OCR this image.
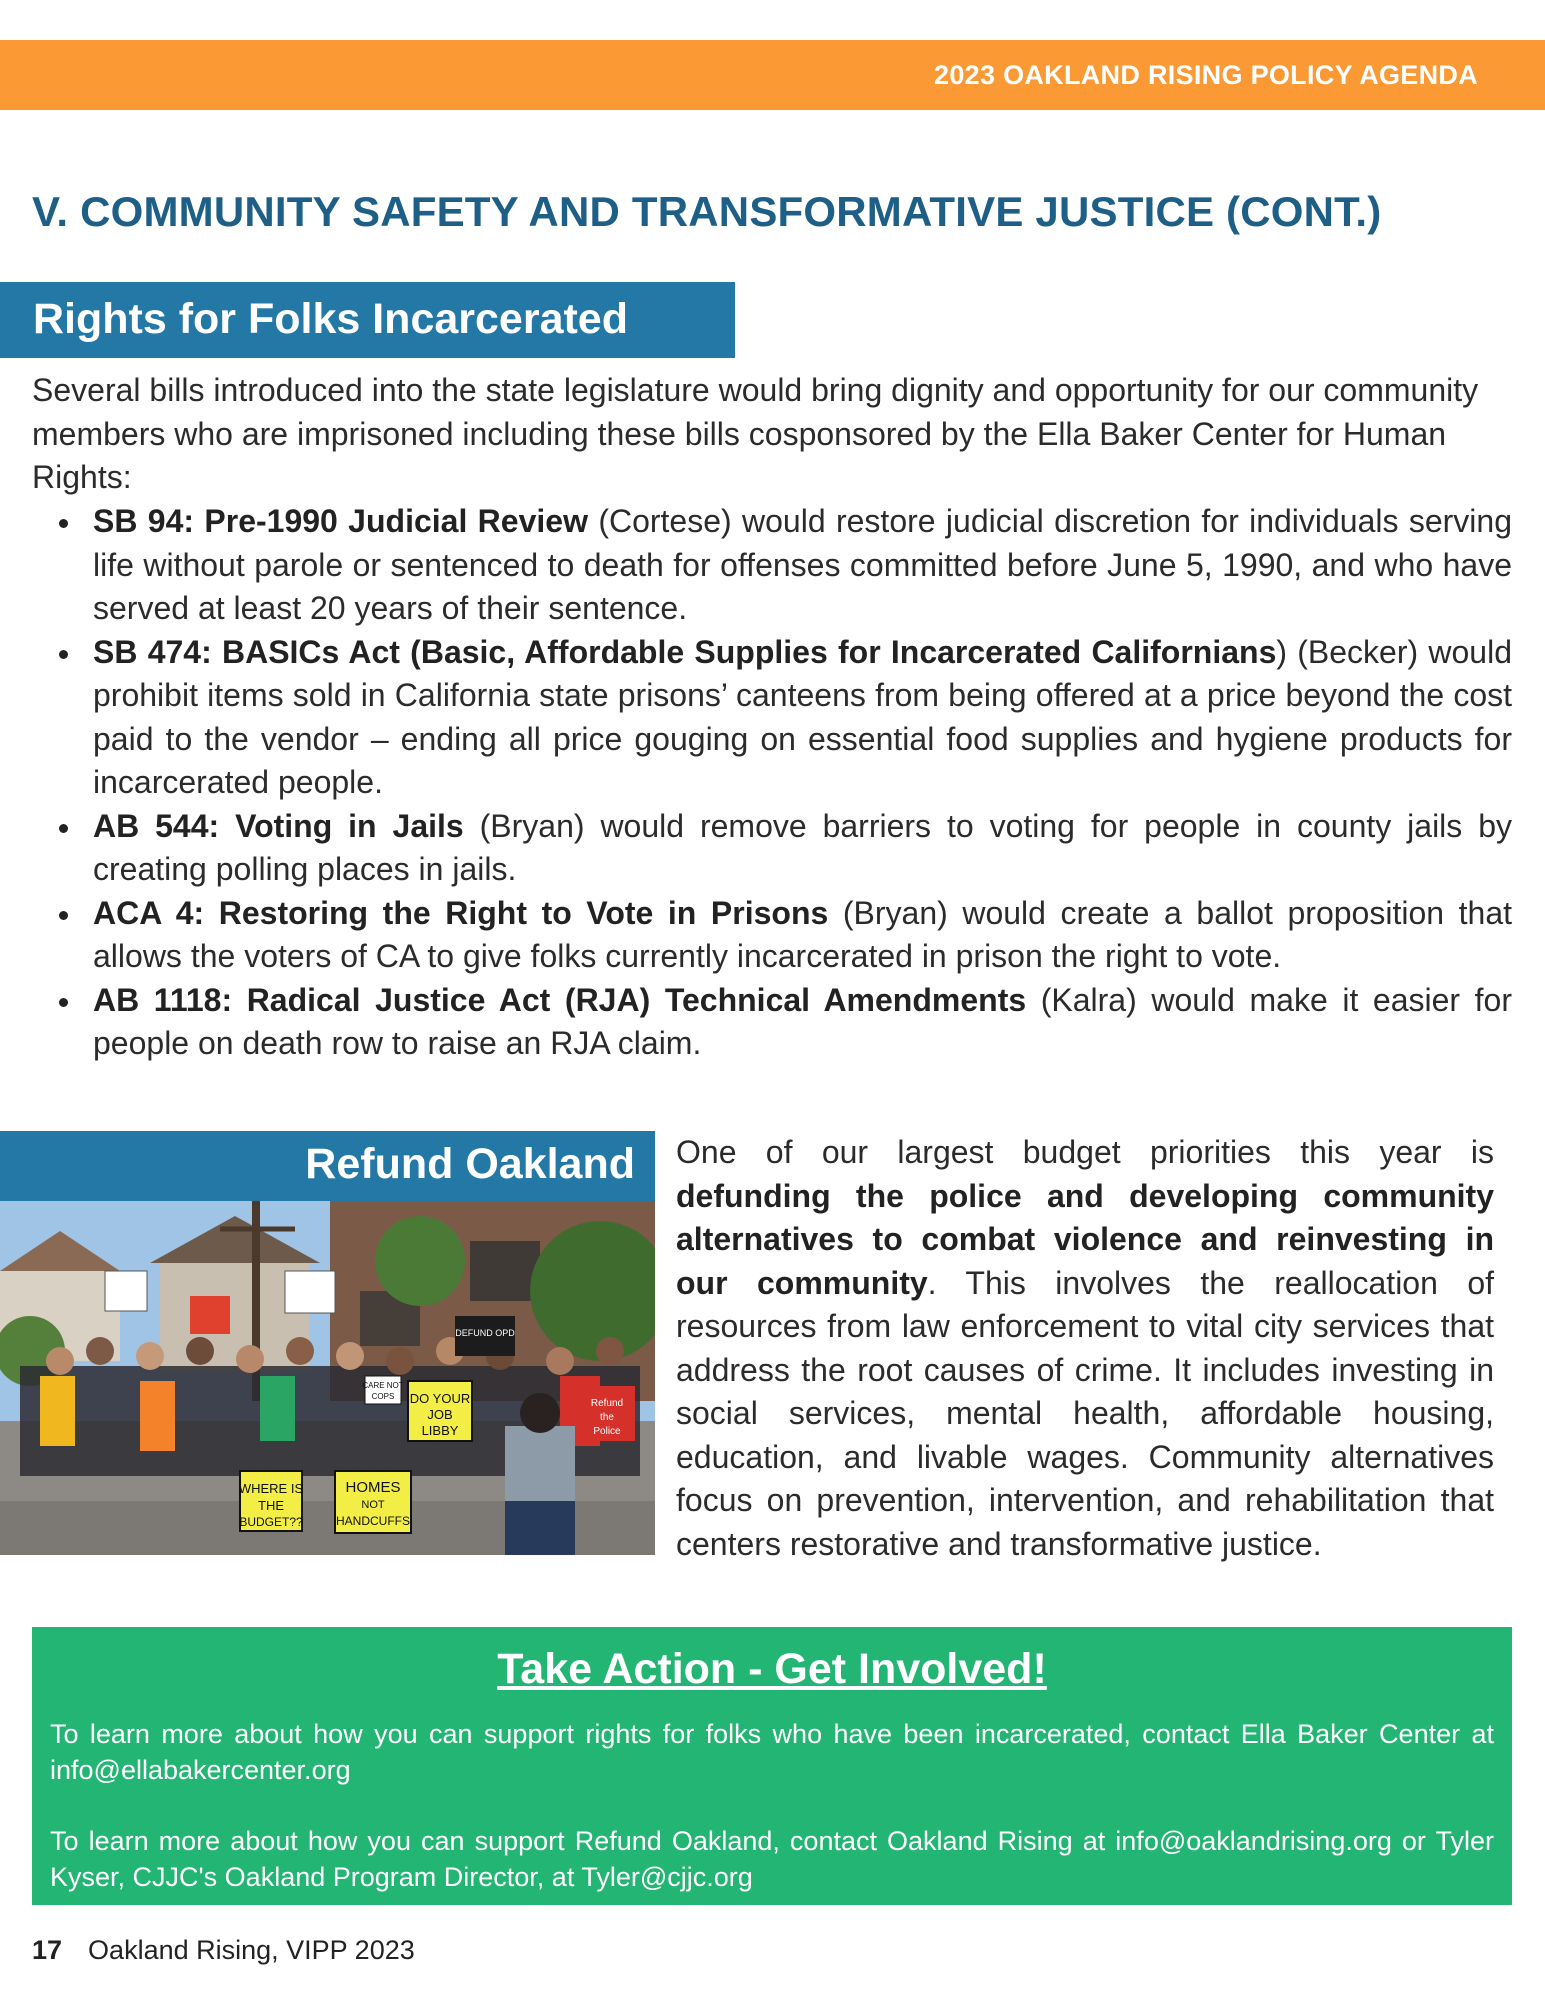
2023 OAKLAND RISING POLICY AGENDA
V. COMMUNITY SAFETY AND TRANSFORMATIVE JUSTICE (CONT.)
Rights for Folks Incarcerated

Several bills introduced into the state legislature would bring dignity and opportunity for our community members who are imprisoned including these bills cosponsored by the Ella Baker Center for Human Rights:

SB 94: Pre-1990 Judicial Review (Cortese) would restore judicial discretion for individuals serving life without parole or sentenced to death for offenses committed before June 5, 1990, and who have served at least 20 years of their sentence.
SB 474: BASICs Act (Basic, Affordable Supplies for Incarcerated Californians) (Becker) would prohibit items sold in California state prisons’ canteens from being offered at a price beyond the cost paid to the vendor – ending all price gouging on essential food supplies and hygiene products for incarcerated people.
AB 544: Voting in Jails (Bryan) would remove barriers to voting for people in county jails by creating polling places in jails.
ACA 4: Restoring the Right to Vote in Prisons (Bryan) would create a ballot proposition that allows the voters of CA to give folks currently incarcerated in prison the right to vote.
AB 1118: Radical Justice Act (RJA) Technical Amendments (Kalra) would make it easier for people on death row to raise an RJA claim.
Refund Oakland
WHERE IS
THE
BUDGET??
HOMES
NOT
HANDCUFFS
DO YOUR
JOB
LIBBY
CARE NOT
COPS
DEFUND OPD
Refund
the
Police

One of our largest budget priorities this year is defunding the police and developing community alternatives to combat violence and reinvesting in our community. This involves the reallocation of resources from law enforcement to vital city services that address the root causes of crime. It includes investing in social services, mental health, affordable housing, education, and livable wages. Community alternatives focus on prevention, intervention, and rehabilitation that centers restorative and transformative justice.

Take Action - Get Involved!

To learn more about how you can support rights for folks who have been incarcerated, contact Ella Baker Center at info@ellabakercenter.org

To learn more about how you can support Refund Oakland, contact Oakland Rising at info@oaklandrising.org or Tyler Kyser, CJJC's Oakland Program Director, at Tyler@cjjc.org

17 Oakland Rising, VIPP 2023
